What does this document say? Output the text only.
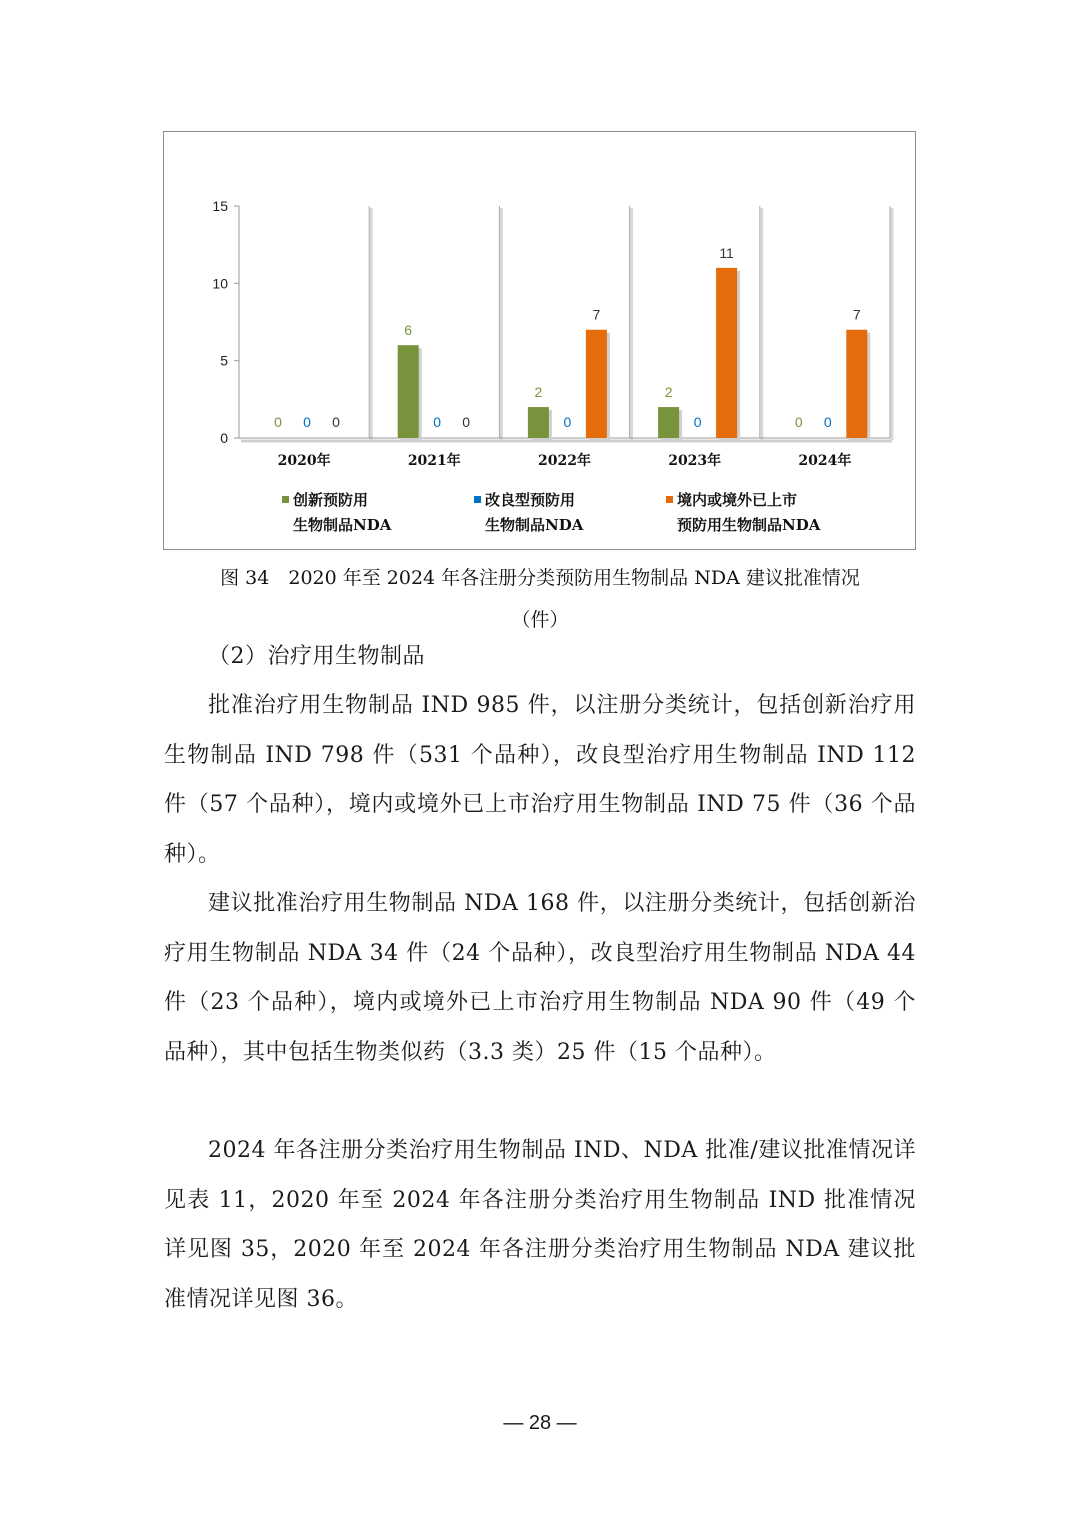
0
5
10
15
0 0 0
2020年
6
0 0
2021年
2
0
7
2022年
2
0
11
2023年
0 0
7
2024年
创新预防用
生物制品NDA
改良型预防用
生物制品NDA
境内或境外已上市
预防用生物制品NDA
图 34　2020 年至 2024 年各注册分类预防用生物制品 NDA 建议批准情况
（件）

（2）治疗用生物制品

批准治疗用生物制品 IND 985 件，以注册分类统计，包括创新治疗用生物制品 IND 798 件（531 个品种），改良型治疗用生物制品 IND 112 件（57 个品种），境内或境外已上市治疗用生物制品 IND 75 件（36 个品种）。

建议批准治疗用生物制品 NDA 168 件，以注册分类统计，包括创新治疗用生物制品 NDA 34 件（24 个品种），改良型治疗用生物制品 NDA 44 件（23 个品种），境内或境外已上市治疗用生物制品 NDA 90 件（49 个品种），其中包括生物类似药（3.3 类）25 件（15 个品种）。

2024 年各注册分类治疗用生物制品 IND、NDA 批准/建议批准情况详见表 11，2020 年至 2024 年各注册分类治疗用生物制品 IND 批准情况详见图 35，2020 年至 2024 年各注册分类治疗用生物制品 NDA 建议批准情况详见图 36。

— 28 —
